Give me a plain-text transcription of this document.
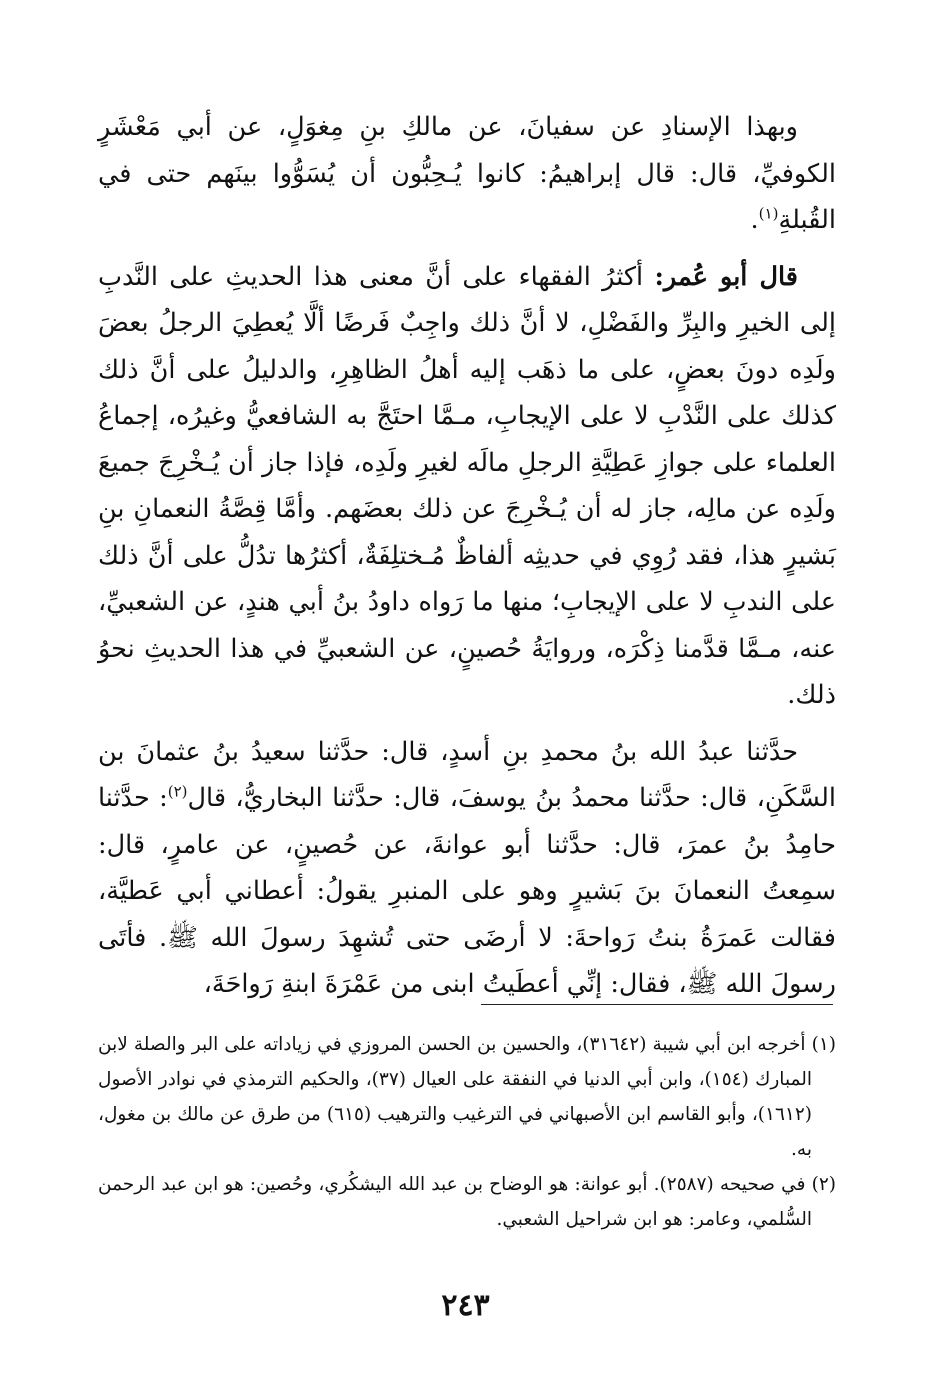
وبهذا الإسنادِ عن سفيانَ، عن مالكِ بنِ مِغوَلٍ، عن أبي مَعْشَرٍ الكوفيِّ، قال: قال إبراهيمُ: كانوا يُـحِبُّون أن يُسَوُّوا بينَهم حتى في القُبلةِ$^{(١)}$.

قال أبو عُمر: أكثرُ الفقهاء على أنَّ معنى هذا الحديثِ على النَّدبِ إلى الخيرِ والبِرِّ والفَضْلِ، لا أنَّ ذلك واجِبٌ فَرضًا ألَّا يُعطِيَ الرجلُ بعضَ ولَدِه دونَ بعضٍ، على ما ذهَب إليه أهلُ الظاهِرِ، والدليلُ على أنَّ ذلك كذلك على النَّدْبِ لا على الإيجابِ، مـمَّا احتَجَّ به الشافعيُّ وغيرُه، إجماعُ العلماء على جوازِ عَطِيَّةِ الرجلِ مالَه لغيرِ ولَدِه، فإذا جاز أن يُـخْرِجَ جميعَ ولَدِه عن مالِه، جاز له أن يُـخْرِجَ عن ذلك بعضَهم. وأمَّا قِصَّةُ النعمانِ بنِ بَشيرٍ هذا، فقد رُوِي في حديثِه ألفاظٌ مُـختلِفَةٌ، أكثرُها تدُلُّ على أنَّ ذلك على الندبِ لا على الإيجابِ؛ منها ما رَواه داودُ بنُ أبي هندٍ، عن الشعبيِّ، عنه، مـمَّا قدَّمنا ذِكْرَه، وروايَةُ حُصينٍ، عن الشعبيِّ في هذا الحديثِ نحوُ ذلك.

حدَّثنا عبدُ الله بنُ محمدِ بنِ أسدٍ، قال: حدَّثنا سعيدُ بنُ عثمانَ بن السَّكَنِ، قال: حدَّثنا محمدُ بنُ يوسفَ، قال: حدَّثنا البخاريُّ، قال$^{(٢)}$: حدَّثنا حامِدُ بنُ عمرَ، قال: حدَّثنا أبو عوانةَ، عن حُصينٍ، عن عامرٍ، قال: سمِعتُ النعمانَ بنَ بَشيرٍ وهو على المنبرِ يقولُ: أعطاني أبي عَطيَّة، فقالت عَمرَةُ بنتُ رَواحةَ: لا أرضَى حتى تُشهِدَ رسولَ الله ﷺ. فأتَى رسولَ الله ﷺ، فقال: إنِّي أعطَيتُ ابنى من عَمْرَةَ ابنةِ رَواحَةَ،

(١) أخرجه ابن أبي شيبة (٣١٦٤٢)، والحسين بن الحسن المروزي في زياداته على البر والصلة لابن المبارك (١٥٤)، وابن أبي الدنيا في النفقة على العيال (٣٧)، والحكيم الترمذي في نوادر الأصول (١٦١٢)، وأبو القاسم ابن الأصبهاني في الترغيب والترهيب (٦١٥) من طرق عن مالك بن مغول، به.

(٢) في صحيحه (٢٥٨٧). أبو عوانة: هو الوضاح بن عبد الله اليشكُري، وحُصين: هو ابن عبد الرحمن السُّلمي، وعامر: هو ابن شراحيل الشعبي.

٢٤٣
